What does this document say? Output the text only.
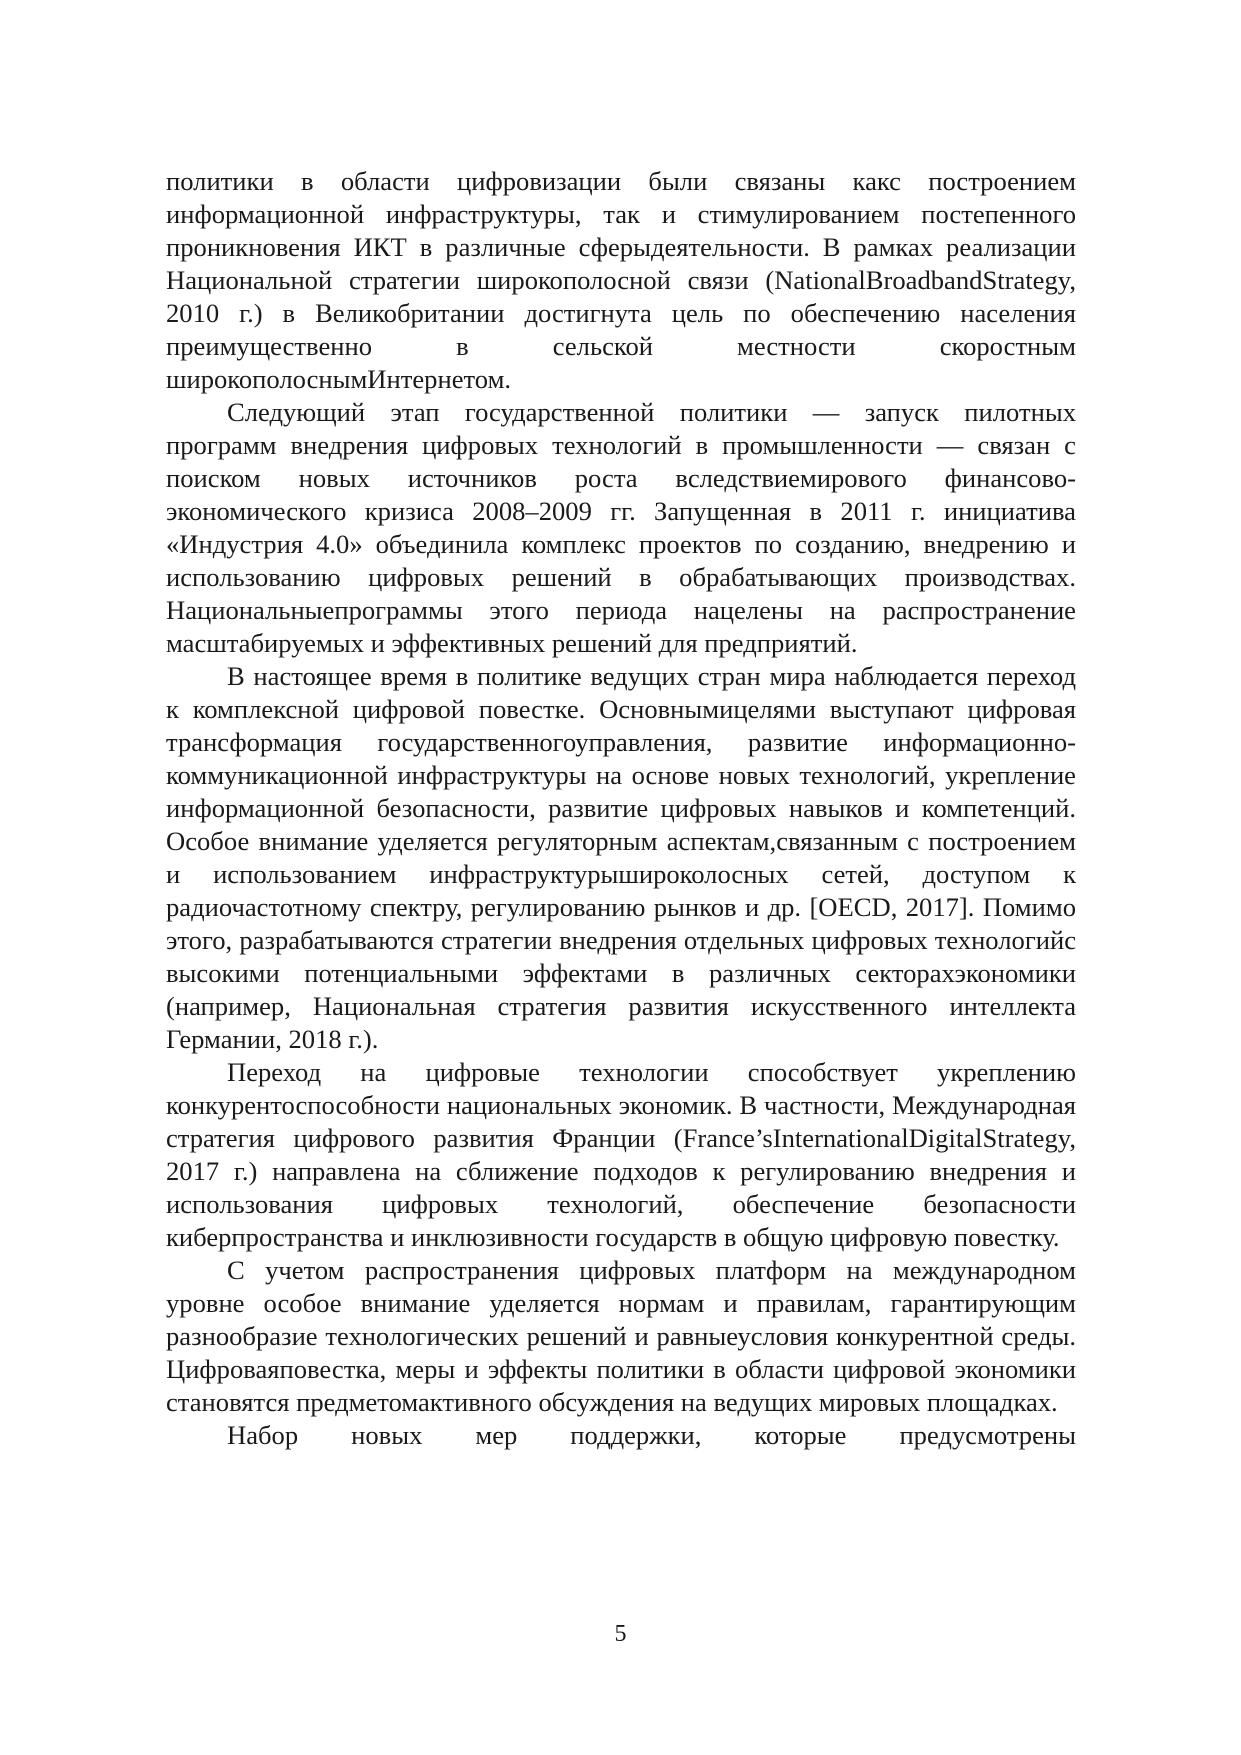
политики в области цифровизации были связаны какс построением информационной инфраструктуры, так и стимулированием постепенного проникновения ИКТ в различные сферыдеятельности. В рамках реализации Национальной стратегии широкополосной связи (NationalBroadbandStrategy, 2010 г.) в Великобритании достигнута цель по обеспечению населения преимущественно в сельской местности скоростным широкополоснымИнтернетом.

Следующий этап государственной политики — запуск пилотных программ внедрения цифровых технологий в промышленности — связан с поиском новых источников роста вследствиемирового финансово-экономического кризиса 2008–2009 гг. Запущенная в 2011 г. инициатива «Индустрия 4.0» объединила комплекс проектов по созданию, внедрению и использованию цифровых решений в обрабатывающих производствах. Национальныепрограммы этого периода нацелены на распространение масштабируемых и эффективных решений для предприятий.

В настоящее время в политике ведущих стран мира наблюдается переход к комплексной цифровой повестке. Основнымицелями выступают цифровая трансформация государственногоуправления, развитие информационно-коммуникационной инфраструктуры на основе новых технологий, укрепление информационной безопасности, развитие цифровых навыков и компетенций. Особое внимание уделяется регуляторным аспектам,связанным с построением и использованием инфраструктурышироколосных сетей, доступом к радиочастотному спектру, регулированию рынков и др. [OECD, 2017]. Помимо этого, разрабатываются стратегии внедрения отдельных цифровых технологийс высокими потенциальными эффектами в различных секторахэкономики (например, Национальная стратегия развития искусственного интеллекта Германии, 2018 г.).

Переход на цифровые технологии способствует укреплению конкурентоспособности национальных экономик. В частности, Международная стратегия цифрового развития Франции (France’sInternationalDigitalStrategy, 2017 г.) направлена на сближение подходов к регулированию внедрения и использования цифровых технологий, обеспечение безопасности киберпространства и инклюзивности государств в общую цифровую повестку.

С учетом распространения цифровых платформ на международном уровне особое внимание уделяется нормам и правилам, гарантирующим разнообразие технологических решений и равныеусловия конкурентной среды. Цифроваяповестка, меры и эффекты политики в области цифровой экономики становятся предметомактивного обсуждения на ведущих мировых площадках.

Набор новых мер поддержки, которые предусмотрены

5
